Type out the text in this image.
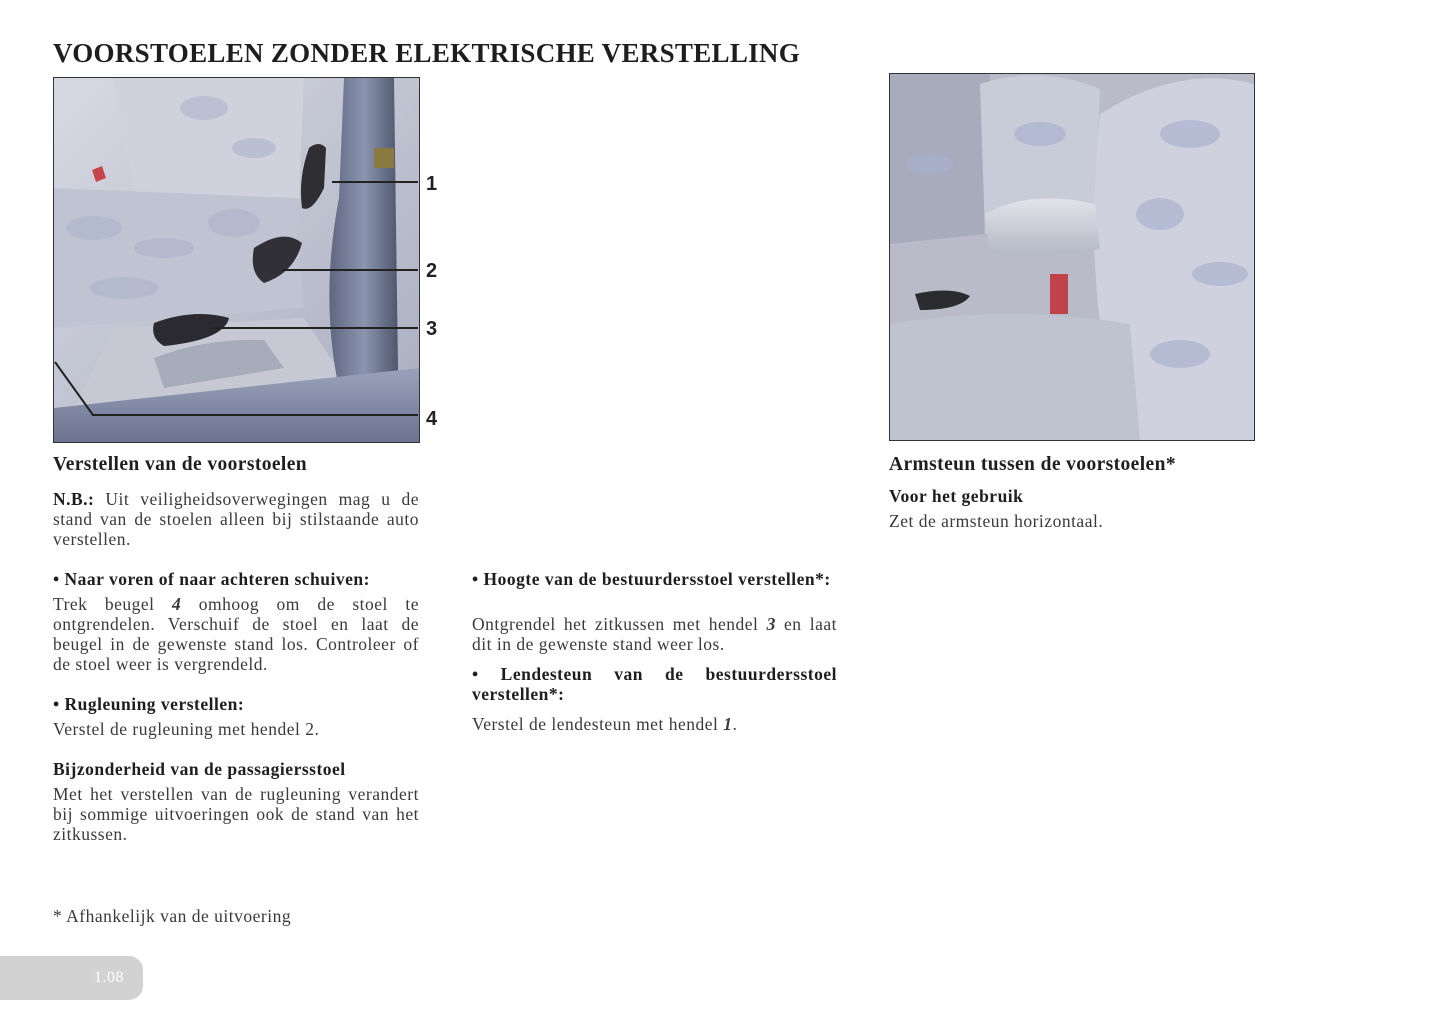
VOORSTOELEN ZONDER ELEKTRISCHE VERSTELLING
1
2
3
4
Verstellen van de voorstoelen
N.B.: Uit veiligheidsoverwegingen mag u de stand van de stoelen alleen bij stilstaande auto verstellen.
• Naar voren of naar achteren schuiven:
Trek beugel 4 omhoog om de stoel te ontgrendelen. Verschuif de stoel en laat de beugel in de gewenste stand los. Controleer of de stoel weer is vergrendeld.
• Rugleuning verstellen:
Verstel de rugleuning met hendel 2.
Bijzonderheid van de passagiersstoel
Met het verstellen van de rugleuning verandert bij sommige uitvoeringen ook de stand van het zitkussen.
• Hoogte van de bestuurdersstoel verstellen*:
Ontgrendel het zitkussen met hendel 3 en laat dit in de gewenste stand weer los.
• Lendesteun van de bestuurdersstoel verstellen*:
Verstel de lendesteun met hendel 1.
Armsteun tussen de voorstoelen*
Voor het gebruik
Zet de armsteun horizontaal.
* Afhankelijk van de uitvoering
1.08
